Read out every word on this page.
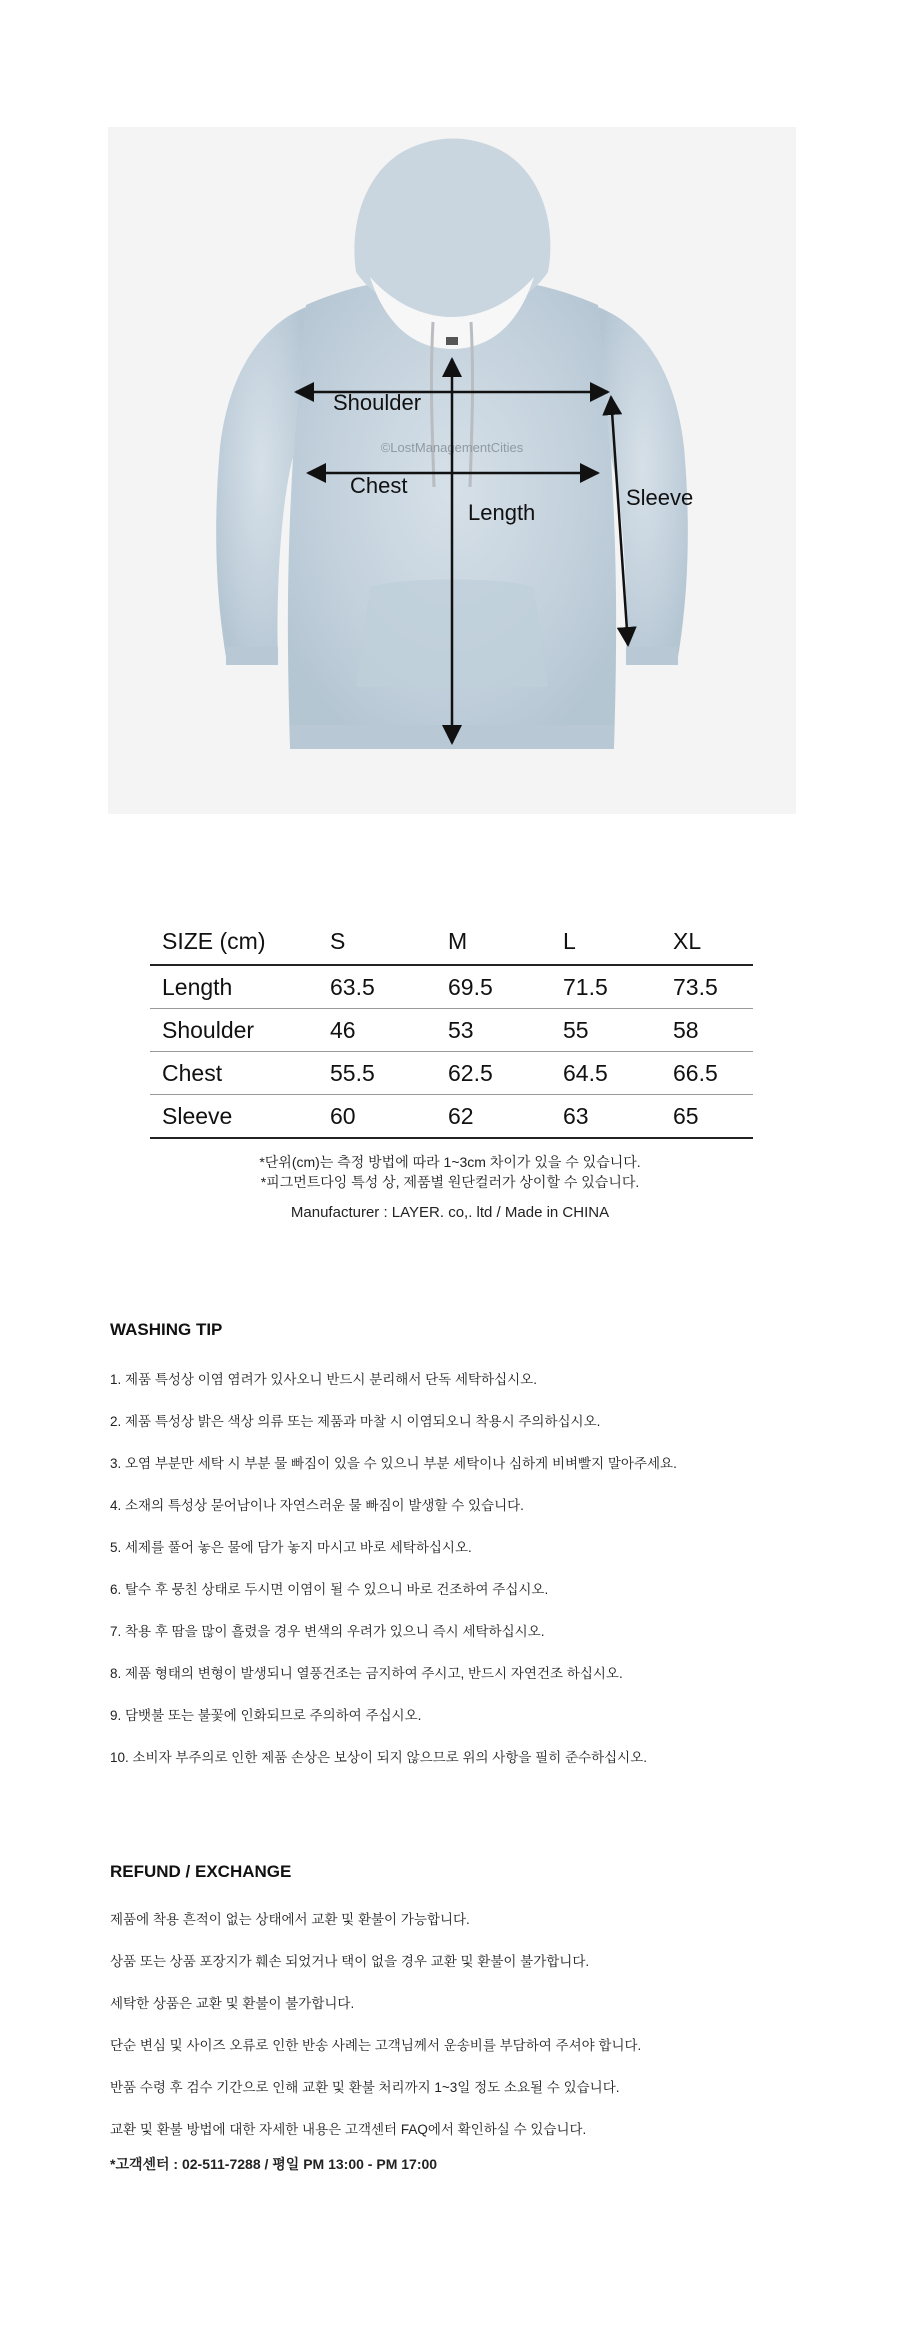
©LostManagementCities
Shoulder
Chest
Length
Sleeve
SIZE (cm)	S	M	L	XL
Length	63.5	69.5	71.5	73.5
Shoulder	46	53	55	58
Chest	55.5	62.5	64.5	66.5
Sleeve	60	62	63	65
*단위(cm)는 측정 방법에 따라 1~3cm 차이가 있을 수 있습니다.
*피그먼트다잉 특성 상, 제품별 원단컬러가 상이할 수 있습니다.
Manufacturer : LAYER. co,. ltd / Made in CHINA
WASHING TIP
1. 제품 특성상 이염 염려가 있사오니 반드시 분리해서 단독 세탁하십시오.
2. 제품 특성상 밝은 색상 의류 또는 제품과 마찰 시 이염되오니 착용시 주의하십시오.
3. 오염 부분만 세탁 시 부분 물 빠짐이 있을 수 있으니 부분 세탁이나 심하게 비벼빨지 말아주세요.
4. 소재의 특성상 묻어남이나 자연스러운 물 빠짐이 발생할 수 있습니다.
5. 세제를 풀어 놓은 물에 담가 놓지 마시고 바로 세탁하십시오.
6. 탈수 후 뭉친 상태로 두시면 이염이 될 수 있으니 바로 건조하여 주십시오.
7. 착용 후 땀을 많이 흘렸을 경우 변색의 우려가 있으니 즉시 세탁하십시오.
8. 제품 형태의 변형이 발생되니 열풍건조는 금지하여 주시고, 반드시 자연건조 하십시오.
9. 담뱃불 또는 불꽃에 인화되므로 주의하여 주십시오.
10. 소비자 부주의로 인한 제품 손상은 보상이 되지 않으므로 위의 사항을 필히 준수하십시오.
REFUND / EXCHANGE
제품에 착용 흔적이 없는 상태에서 교환 및 환불이 가능합니다.
상품 또는 상품 포장지가 훼손 되었거나 택이 없을 경우 교환 및 환불이 불가합니다.
세탁한 상품은 교환 및 환불이 불가합니다.
단순 변심 및 사이즈 오류로 인한 반송 사례는 고객님께서 운송비를 부담하여 주셔야 합니다.
반품 수령 후 검수 기간으로 인해 교환 및 환불 처리까지 1~3일 정도 소요될 수 있습니다.
교환 및 환불 방법에 대한 자세한 내용은 고객센터 FAQ에서 확인하실 수 있습니다.
*고객센터 : 02-511-7288 / 평일 PM 13:00 - PM 17:00
